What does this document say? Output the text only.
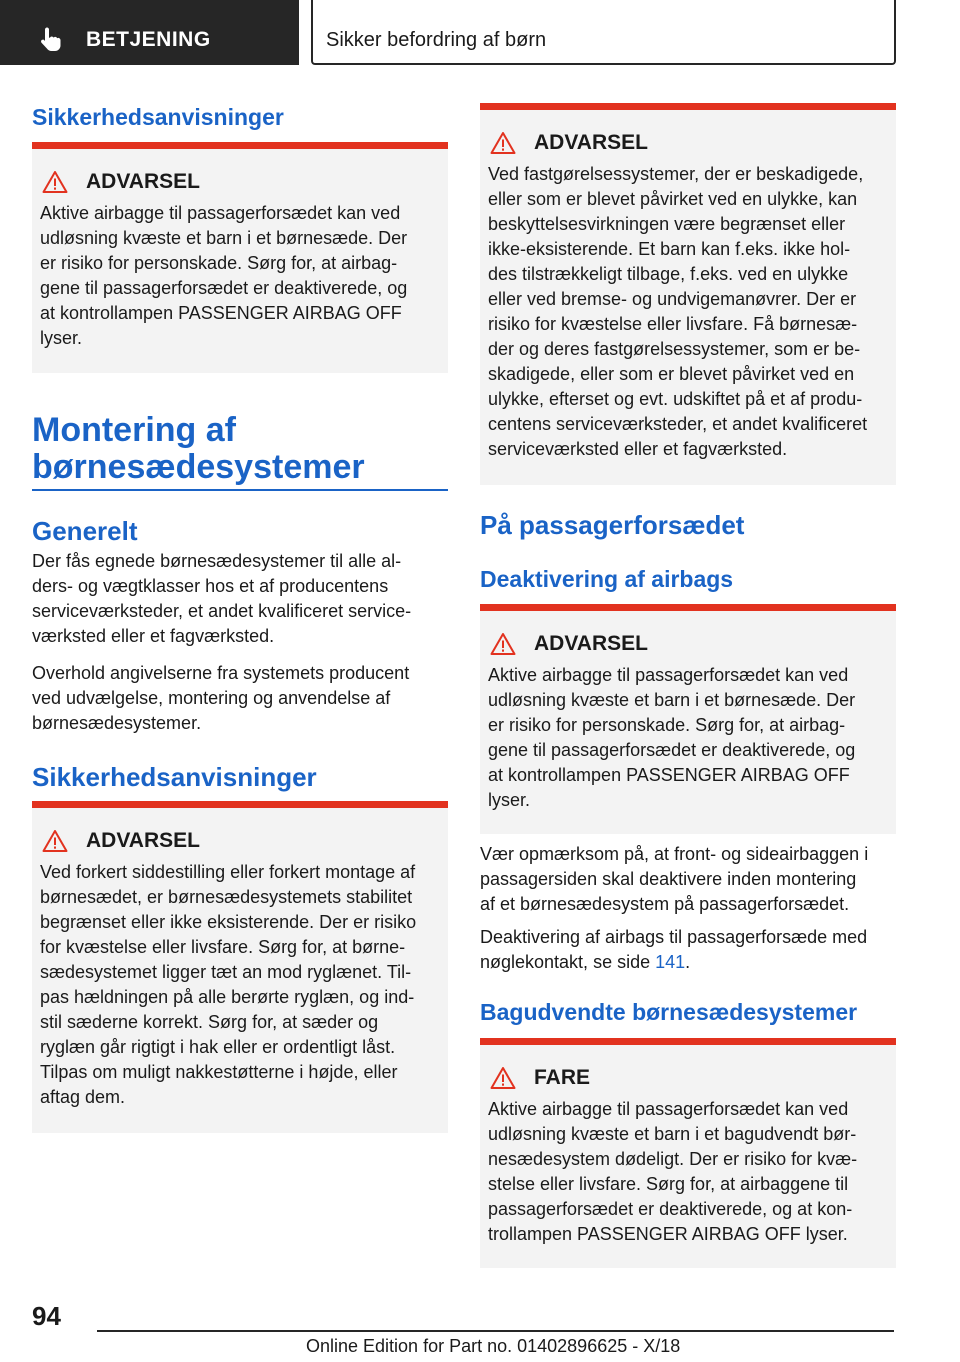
BETJENING	Sikker befordring af børn
Sikkerhedsanvisninger
ADVARSEL
Aktive airbagge til passagerforsædet kan ved
udløsning kvæste et barn i et børnesæde. Der
er risiko for personskade. Sørg for, at airbag‐
gene til passagerforsædet er deaktiverede, og
at kontrollampen PASSENGER AIRBAG OFF
lyser.
Montering af
børnesædesystemer
Generelt
Der fås egnede børnesædesystemer til alle al‐
ders- og vægtklasser hos et af producentens
serviceværksteder, et andet kvalificeret service‐
værksted eller et fagværksted.
Overhold angivelserne fra systemets producent
ved udvælgelse, montering og anvendelse af
børnesædesystemer.
Sikkerhedsanvisninger
ADVARSEL
Ved forkert siddestilling eller forkert montage af
børnesædet, er børnesædesystemets stabilitet
begrænset eller ikke eksisterende. Der er risiko
for kvæstelse eller livsfare. Sørg for, at børne‐
sædesystemet ligger tæt an mod ryglænet. Til‐
pas hældningen på alle berørte ryglæn, og ind‐
stil sæderne korrekt. Sørg for, at sæder og
ryglæn går rigtigt i hak eller er ordentligt låst.
Tilpas om muligt nakkestøtterne i højde, eller
aftag dem.
ADVARSEL
Ved fastgørelsessystemer, der er beskadigede,
eller som er blevet påvirket ved en ulykke, kan
beskyttelsesvirkningen være begrænset eller
ikke-eksisterende. Et barn kan f.eks. ikke hol‐
des tilstrækkeligt tilbage, f.eks. ved en ulykke
eller ved bremse- og undvigemanøvrer. Der er
risiko for kvæstelse eller livsfare. Få børnesæ‐
der og deres fastgørelsessystemer, som er be‐
skadigede, eller som er blevet påvirket ved en
ulykke, efterset og evt. udskiftet på et af produ‐
centens serviceværksteder, et andet kvalificeret
serviceværksted eller et fagværksted.
På passagerforsædet
Deaktivering af airbags
ADVARSEL
Aktive airbagge til passagerforsædet kan ved
udløsning kvæste et barn i et børnesæde. Der
er risiko for personskade. Sørg for, at airbag‐
gene til passagerforsædet er deaktiverede, og
at kontrollampen PASSENGER AIRBAG OFF
lyser.
Vær opmærksom på, at front- og sideairbaggen i
passagersiden skal deaktivere inden montering
af et børnesædesystem på passagerforsædet.
Deaktivering af airbags til passagerforsæde med
nøglekontakt, se side 141.
Bagudvendte børnesædesystemer
FARE
Aktive airbagge til passagerforsædet kan ved
udløsning kvæste et barn i et bagudvendt bør‐
nesædesystem dødeligt. Der er risiko for kvæ‐
stelse eller livsfare. Sørg for, at airbaggene til
passagerforsædet er deaktiverede, og at kon‐
trollampen PASSENGER AIRBAG OFF lyser.
94
Online Edition for Part no. 01402896625 - X/18
